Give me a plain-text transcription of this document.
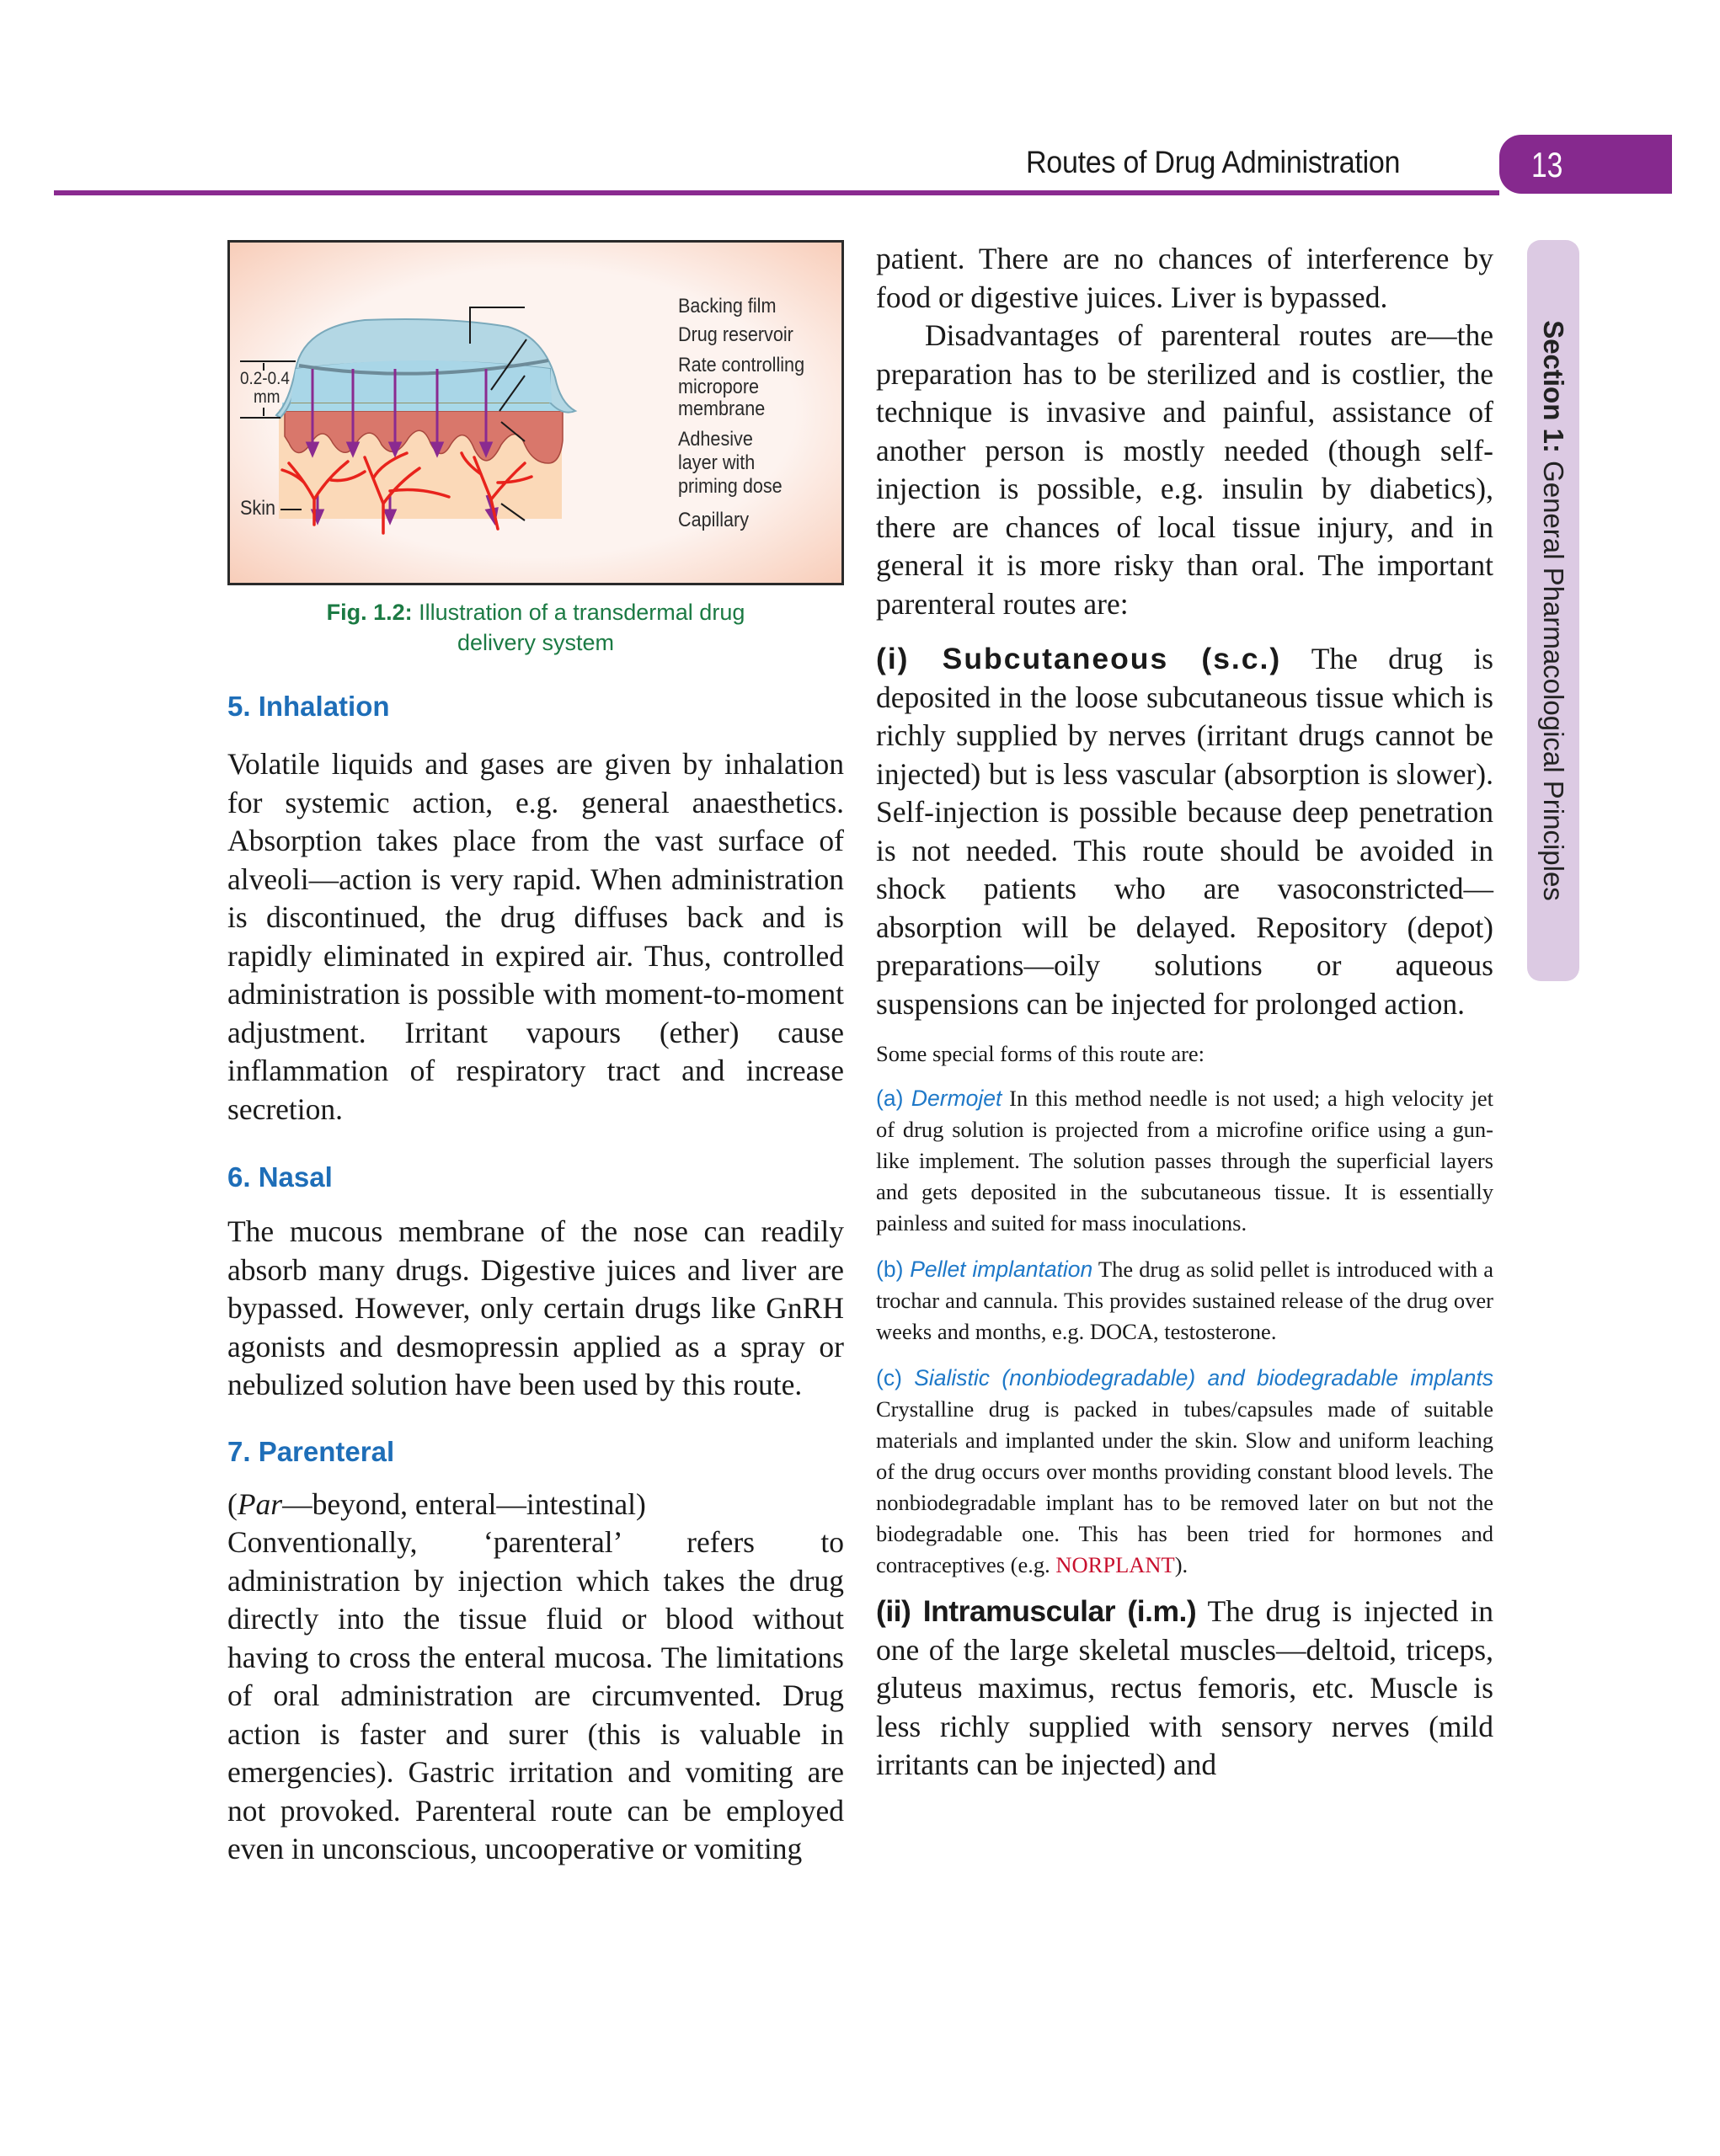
Routes of Drug Administration	13
Section 1: General Pharmacological Principles
Backing film
Drug reservoir
Rate controlling
micropore
membrane
Adhesive
layer with
priming dose
Capillary
Skin
0.2-0.4
mm
Fig. 1.2: Illustration of a transdermal drug
delivery system
5. Inhalation

Volatile liquids and gases are given by inhalation for systemic action, e.g. general anaesthetics. Absorption takes place from the vast surface of alveoli—action is very rapid. When administration is discontinued, the drug diffuses back and is rapidly eliminated in expired air. Thus, controlled administration is possible with moment-to-moment adjustment. Irritant vapours (ether) cause inflammation of respiratory tract and increase secretion.

6. Nasal

The mucous membrane of the nose can readily absorb many drugs. Digestive juices and liver are bypassed. However, only certain drugs like GnRH agonists and desmopressin applied as a spray or nebulized solution have been used by this route.

7. Parenteral

(Par—beyond, enteral—intestinal)

Conventionally, ‘parenteral’ refers to administration by injection which takes the drug directly into the tissue fluid or blood without having to cross the enteral mucosa. The limitations of oral administration are circumvented. Drug action is faster and surer (this is valuable in emergencies). Gastric irritation and vomiting are not provoked. Parenteral route can be employed even in unconscious, uncooperative or vomiting

patient. There are no chances of interference by food or digestive juices. Liver is bypassed.

Disadvantages of parenteral routes are—the preparation has to be sterilized and is costlier, the technique is invasive and painful, assistance of another person is mostly needed (though self-injection is possible, e.g. insulin by diabetics), there are chances of local tissue injury, and in general it is more risky than oral. The important parenteral routes are:

(i) Subcutaneous (s.c.) The drug is deposited in the loose subcutaneous tissue which is richly supplied by nerves (irritant drugs cannot be injected) but is less vascular (absorption is slower). Self-injection is possible because deep penetration is not needed. This route should be avoided in shock patients who are vasoconstricted—absorption will be delayed. Repository (depot) preparations—oily solutions or aqueous suspensions can be injected for prolonged action.

Some special forms of this route are:

(a) Dermojet In this method needle is not used; a high velocity jet of drug solution is projected from a microfine orifice using a gun-like implement. The solution passes through the superficial layers and gets deposited in the subcutaneous tissue. It is essentially painless and suited for mass inoculations.

(b) Pellet implantation The drug as solid pellet is introduced with a trochar and cannula. This provides sustained release of the drug over weeks and months, e.g. DOCA, testosterone.

(c) Sialistic (nonbiodegradable) and biodegradable implants Crystalline drug is packed in tubes/capsules made of suitable materials and implanted under the skin. Slow and uniform leaching of the drug occurs over months providing constant blood levels. The nonbiodegradable implant has to be removed later on but not the biodegradable one. This has been tried for hormones and contraceptives (e.g. NORPLANT).

(ii) Intramuscular (i.m.) The drug is injected in one of the large skeletal muscles—deltoid, triceps, gluteus maximus, rectus femoris, etc. Muscle is less richly supplied with sensory nerves (mild irritants can be injected) and
